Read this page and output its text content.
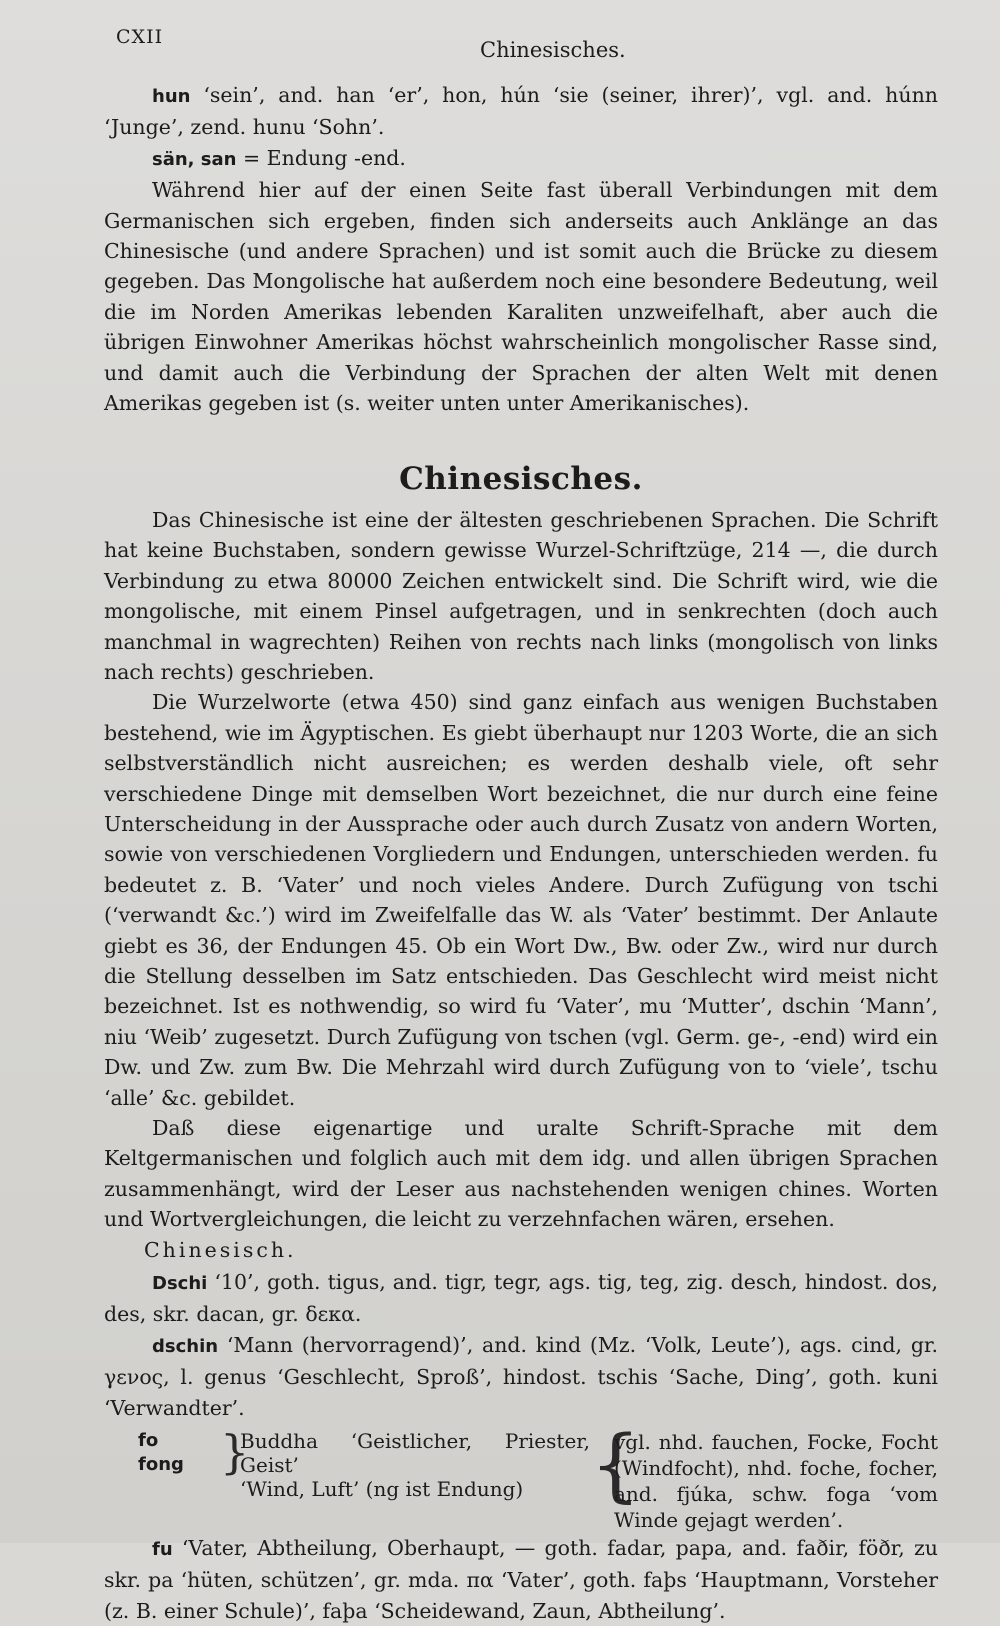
CXII
Chinesisches.

hun ‘sein’, and. han ‘er’, hon, hún ‘sie (seiner, ihrer)’, vgl. and. húnn ‘Junge’, zend. hunu ‘Sohn’.

sän, san = Endung -end.

Während hier auf der einen Seite fast überall Verbindungen mit dem Germanischen sich ergeben, finden sich anderseits auch Anklänge an das Chinesische (und andere Sprachen) und ist somit auch die Brücke zu diesem gegeben. Das Mongolische hat außerdem noch eine besondere Bedeutung, weil die im Norden Amerikas lebenden Karaliten unzweifelhaft, aber auch die übrigen Einwohner Amerikas höchst wahrscheinlich mongolischer Rasse sind, und damit auch die Verbindung der Sprachen der alten Welt mit denen Amerikas gegeben ist (s. weiter unten unter Amerikanisches).

Chinesisches.

Das Chinesische ist eine der ältesten geschriebenen Sprachen. Die Schrift hat keine Buchstaben, sondern gewisse Wurzel-Schriftzüge, 214 —, die durch Verbindung zu etwa 80000 Zeichen entwickelt sind. Die Schrift wird, wie die mongolische, mit einem Pinsel aufgetragen, und in senkrechten (doch auch manchmal in wagrechten) Reihen von rechts nach links (mongolisch von links nach rechts) geschrieben.

Die Wurzelworte (etwa 450) sind ganz einfach aus wenigen Buchstaben bestehend, wie im Ägyptischen. Es giebt überhaupt nur 1203 Worte, die an sich selbstverständlich nicht ausreichen; es werden deshalb viele, oft sehr verschiedene Dinge mit demselben Wort bezeichnet, die nur durch eine feine Unterscheidung in der Aussprache oder auch durch Zusatz von andern Worten, sowie von verschiedenen Vorgliedern und Endungen, unterschieden werden. fu bedeutet z. B. ‘Vater’ und noch vieles Andere. Durch Zufügung von tschi (‘verwandt &c.’) wird im Zweifelfalle das W. als ‘Vater’ bestimmt. Der Anlaute giebt es 36, der Endungen 45. Ob ein Wort Dw., Bw. oder Zw., wird nur durch die Stellung desselben im Satz entschieden. Das Geschlecht wird meist nicht bezeichnet. Ist es nothwendig, so wird fu ‘Vater’, mu ‘Mutter’, dschin ‘Mann’, niu ‘Weib’ zugesetzt. Durch Zufügung von tschen (vgl. Germ. ge-, -end) wird ein Dw. und Zw. zum Bw. Die Mehrzahl wird durch Zufügung von to ‘viele’, tschu ‘alle’ &c. gebildet.

Daß diese eigenartige und uralte Schrift-Sprache mit dem Keltgermanischen und folglich auch mit dem idg. und allen übrigen Sprachen zusammenhängt, wird der Leser aus nachstehenden wenigen chines. Worten und Wortvergleichungen, die leicht zu verzehnfachen wären, ersehen.

Chinesisch.

Dschi ‘10’, goth. tigus, and. tigr, tegr, ags. tig, teg, zig. desch, hindost. dos, des, skr. dacan, gr. δεκα.

dschin ‘Mann (hervorragend)’, and. kind (Mz. ‘Volk, Leute’), ags. cind, gr. γενος, l. genus ‘Geschlecht, Sproß’, hindost. tschis ‘Sache, Ding’, goth. kuni ‘Verwandter’.

fo
fong }
Buddha ‘Geistlicher, Priester, Geist’
‘Wind, Luft’ (ng ist Endung) {
vgl. nhd. fauchen, Focke, Focht (Windfocht), nhd. foche, focher, and. fjúka, schw. foga ‘vom Winde gejagt werden’.

fu ‘Vater, Abtheilung, Oberhaupt, — goth. fadar, papa, and. faðir, föðr, zu skr. pa ‘hüten, schützen’, gr. mda. πα ‘Vater’, goth. faþs ‘Hauptmann, Vorsteher (z. B. einer Schule)’, faþa ‘Scheidewand, Zaun, Abtheilung’.
